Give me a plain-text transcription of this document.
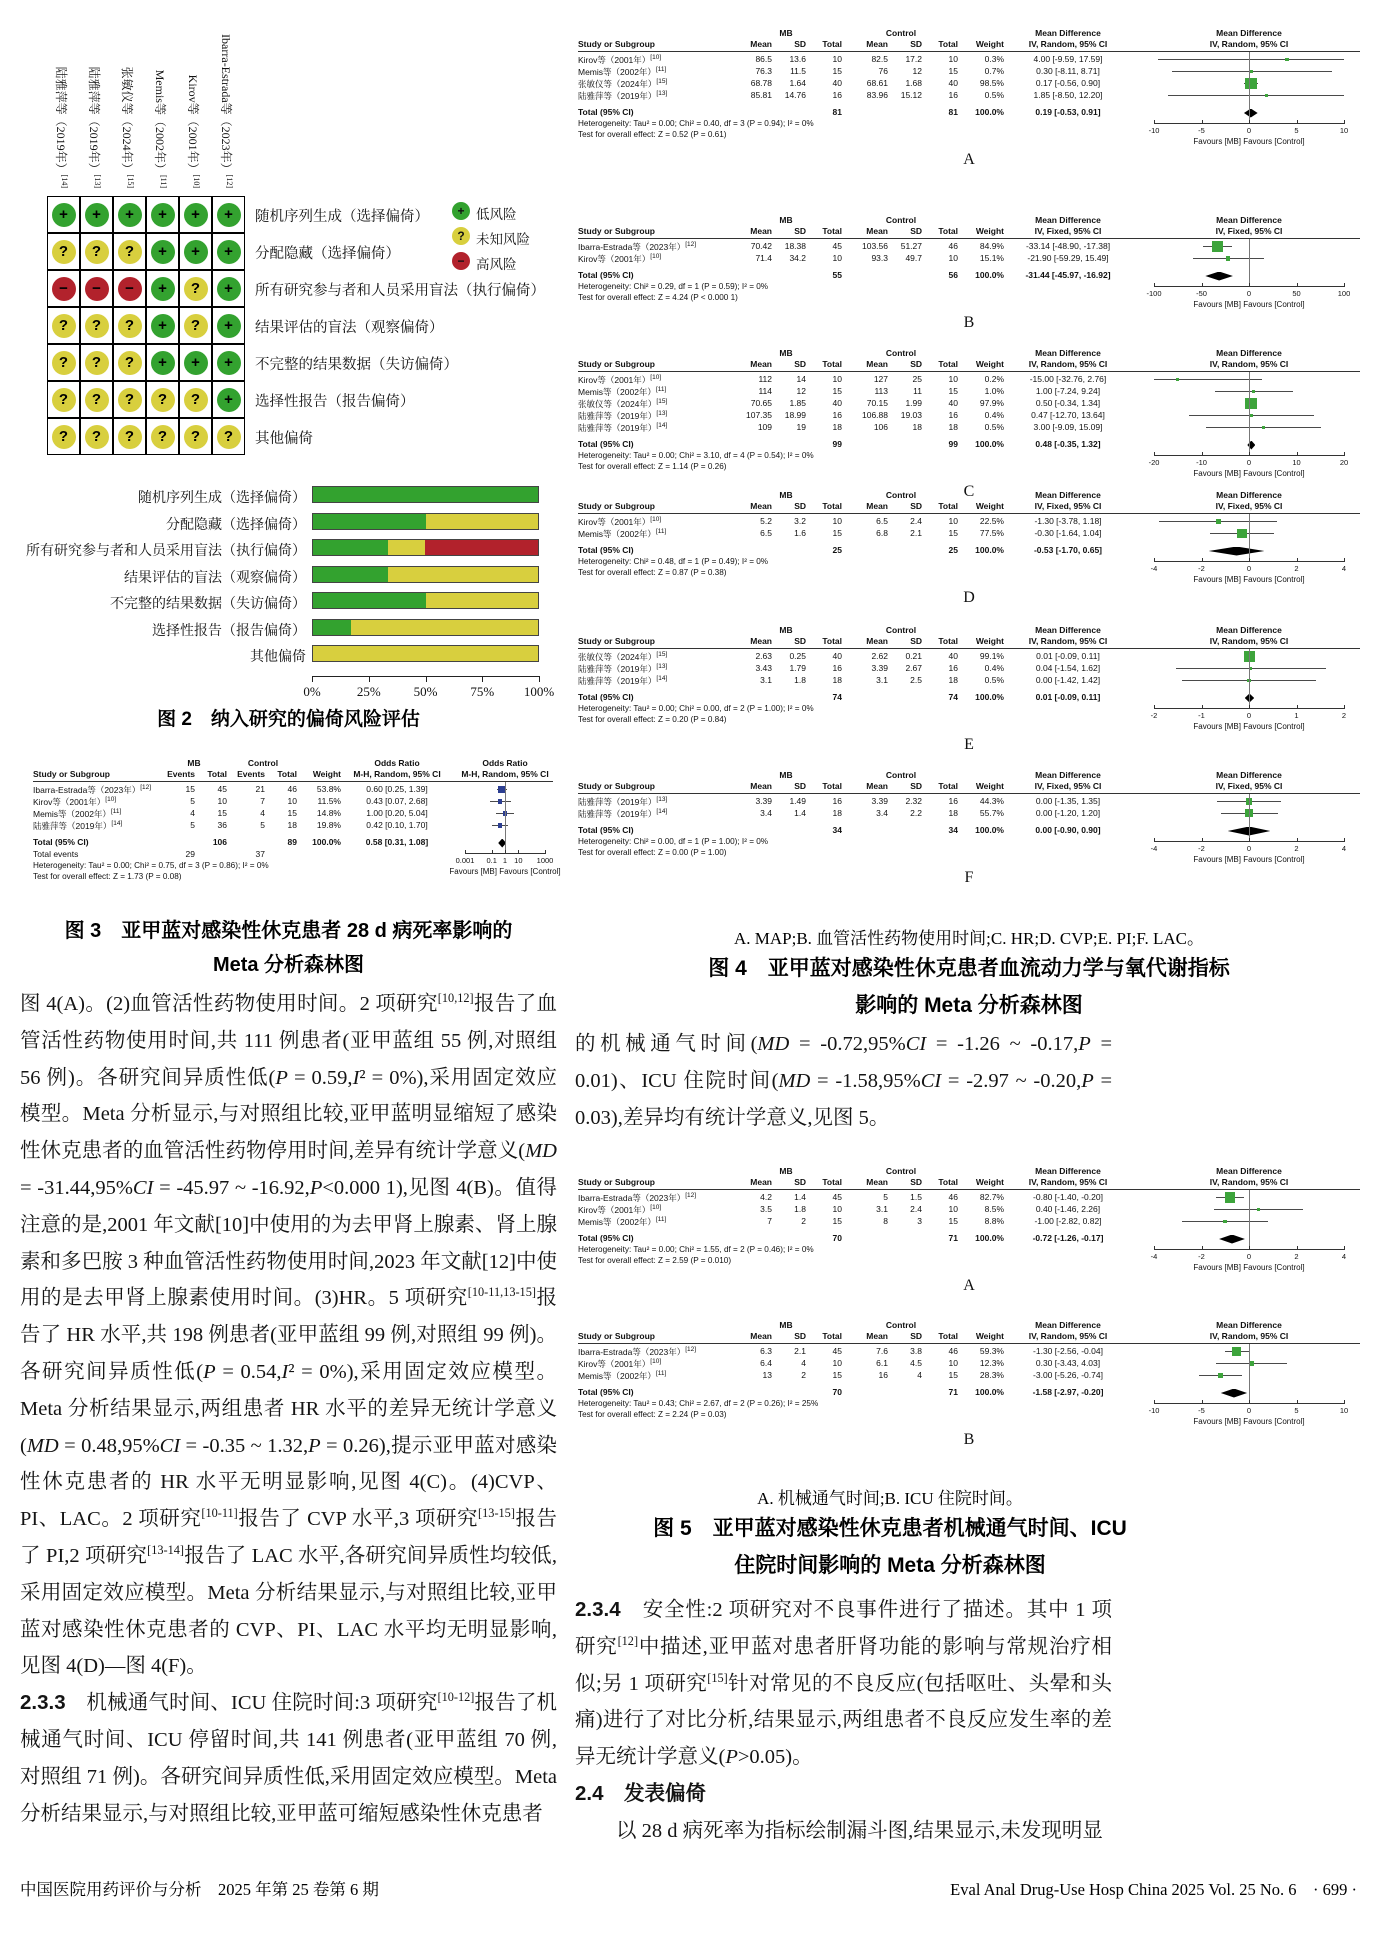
图 2　纳入研究的偏倚风险评估
图 3　亚甲蓝对感染性休克患者 28 d 病死率影响的
Meta 分析森林图

图 4(A)。(2)血管活性药物使用时间。2 项研究[10,12]报告了血管活性药物使用时间,共 111 例患者(亚甲蓝组 55 例,对照组 56 例)。各研究间异质性低(P = 0.59,I² = 0%),采用固定效应模型。Meta 分析显示,与对照组比较,亚甲蓝明显缩短了感染性休克患者的血管活性药物停用时间,差异有统计学意义(MD = -31.44,95%CI = -45.97 ~ -16.92,P<0.000 1),见图 4(B)。值得注意的是,2001 年文献[10]中使用的为去甲肾上腺素、肾上腺素和多巴胺 3 种血管活性药物使用时间,2023 年文献[12]中使用的是去甲肾上腺素使用时间。(3)HR。5 项研究[10-11,13-15]报告了 HR 水平,共 198 例患者(亚甲蓝组 99 例,对照组 99 例)。各研究间异质性低(P = 0.54,I² = 0%),采用固定效应模型。Meta 分析结果显示,两组患者 HR 水平的差异无统计学意义(MD = 0.48,95%CI = -0.35 ~ 1.32,P = 0.26),提示亚甲蓝对感染性休克患者的 HR 水平无明显影响,见图 4(C)。(4)CVP、PI、LAC。2 项研究[10-11]报告了 CVP 水平,3 项研究[13-15]报告了 PI,2 项研究[13-14]报告了 LAC 水平,各研究间异质性均较低,采用固定效应模型。Meta 分析结果显示,与对照组比较,亚甲蓝对感染性休克患者的 CVP、PI、LAC 水平均无明显影响,见图 4(D)—图 4(F)。

2.3.3　机械通气时间、ICU 住院时间:3 项研究[10-12]报告了机械通气时间、ICU 停留时间,共 141 例患者(亚甲蓝组 70 例,对照组 71 例)。各研究间异质性低,采用固定效应模型。Meta 分析结果显示,与对照组比较,亚甲蓝可缩短感染性休克患者

A. MAP;B. 血管活性药物使用时间;C. HR;D. CVP;E. PI;F. LAC。
图 4　亚甲蓝对感染性休克患者血流动力学与氧代谢指标
影响的 Meta 分析森林图

的机械通气时间(MD = -0.72,95%CI = -1.26 ~ -0.17,P = 0.01)、ICU 住院时间(MD = -1.58,95%CI = -2.97 ~ -0.20,P = 0.03),差异均有统计学意义,见图 5。

A. 机械通气时间;B. ICU 住院时间。
图 5　亚甲蓝对感染性休克患者机械通气时间、ICU
住院时间影响的 Meta 分析森林图

2.3.4　安全性:2 项研究对不良事件进行了描述。其中 1 项研究[12]中描述,亚甲蓝对患者肝肾功能的影响与常规治疗相似;另 1 项研究[15]针对常见的不良反应(包括呕吐、头晕和头痛)进行了对比分析,结果显示,两组患者不良反应发生率的差异无统计学意义(P>0.05)。

2.4　发表偏倚

以 28 d 病死率为指标绘制漏斗图,结果显示,未发现明显

中国医院用药评价与分析　2025 年第 25 卷第 6 期	Eval Anal Drug-Use Hosp China 2025 Vol. 25 No. 6　· 699 ·
陆雅萍等（2019年）[14]
陆雅萍等（2019年）[13]
张敏仪等（2024年）[15]
Memis等（2002年）[11]
Kirov等（2001年）[10]
Ibarra-Estrada等（2023年）[12]
+	+	+	+	+	+	随机序列生成（选择偏倚）
?	?	?	+	+	+	分配隐藏（选择偏倚）
−	−	−	+	?	+	所有研究参与者和人员采用盲法（执行偏倚）
?	?	?	+	?	+	结果评估的盲法（观察偏倚）
?	?	?	+	+	+	不完整的结果数据（失访偏倚）
?	?	?	?	?	+	选择性报告（报告偏倚）
?	?	?	?	?	?	其他偏倚
+ 低风险
? 未知风险
− 高风险
随机序列生成（选择偏倚）
分配隐藏（选择偏倚）
所有研究参与者和人员采用盲法（执行偏倚）
结果评估的盲法（观察偏倚）
不完整的结果数据（失访偏倚）
选择性报告（报告偏倚）
其他偏倚
0%	25%	50%	75%	100%
MB	Control	Odds Ratio	Odds Ratio
Study or Subgroup	Events	Total	Events	Total	Weight	M-H, Random, 95% CI	M-H, Random, 95% CI
Ibarra-Estrada等（2023年）[12]	15	45	21	46	53.8%	0.60 [0.25, 1.39]
Kirov等（2001年）[10]	5	10	7	10	11.5%	0.43 [0.07, 2.68]
Memis等（2002年）[11]	4	15	4	15	14.8%	1.00 [0.20, 5.04]
陆雅萍等（2019年）[14]	5	36	5	18	19.8%	0.42 [0.10, 1.70]
Total (95% CI)	106	89	100.0%	0.58 [0.31, 1.08]
Total events	29	37
Heterogeneity: Tau² = 0.00; Chi² = 0.75, df = 3 (P = 0.86); I² = 0%
Test for overall effect: Z = 1.73 (P = 0.08)
0.001	0.1 1 10	1000
Favours [MB] Favours [Control]
MB	Control	Mean Difference	Mean Difference
Study or Subgroup	Mean	SD	Total	Mean	SD	Total	Weight	IV, Random, 95% CI	IV, Random, 95% CI
Kirov等（2001年）[10]	86.5	13.6	10	82.5	17.2	10	0.3%	4.00 [-9.59, 17.59]
Memis等（2002年）[11]	76.3	11.5	15	76	12	15	0.7%	0.30 [-8.11, 8.71]
张敏仪等（2024年）[15]	68.78	1.64	40	68.61	1.68	40	98.5%	0.17 [-0.56, 0.90]
陆雅萍等（2019年）[13]	85.81	14.76	16	83.96	15.12	16	0.5%	1.85 [-8.50, 12.20]
Total (95% CI)	81	81	100.0%	0.19 [-0.53, 0.91]
Heterogeneity: Tau² = 0.00; Chi² = 0.40, df = 3 (P = 0.94); I² = 0%
Test for overall effect: Z = 0.52 (P = 0.61)	-10	-5	0	5	10
Favours [MB] Favours [Control]
A
MB	Control	Mean Difference	Mean Difference
Study or Subgroup	Mean	SD	Total	Mean	SD	Total	Weight	IV, Fixed, 95% CI	IV, Fixed, 95% CI
Ibarra-Estrada等（2023年）[12]	70.42	18.38	45	103.56	51.27	46	84.9%	-33.14 [-48.90, -17.38]
Kirov等（2001年）[10]	71.4	34.2	10	93.3	49.7	10	15.1%	-21.90 [-59.29, 15.49]
Total (95% CI)	55	56	100.0%	-31.44 [-45.97, -16.92]
Heterogeneity: Chi² = 0.29, df = 1 (P = 0.59); I² = 0%
Test for overall effect: Z = 4.24 (P < 0.000 1)	-100	-50	0	50	100
Favours [MB] Favours [Control]
B
MB	Control	Mean Difference	Mean Difference
Study or Subgroup	Mean	SD	Total	Mean	SD	Total	Weight	IV, Random, 95% CI	IV, Random, 95% CI
Kirov等（2001年）[10]	112	14	10	127	25	10	0.2%	-15.00 [-32.76, 2.76]
Memis等（2002年）[11]	114	12	15	113	11	15	1.0%	1.00 [-7.24, 9.24]
张敏仪等（2024年）[15]	70.65	1.85	40	70.15	1.99	40	97.9%	0.50 [-0.34, 1.34]
陆雅萍等（2019年）[13]	107.35	18.99	16	106.88	19.03	16	0.4%	0.47 [-12.70, 13.64]
陆雅萍等（2019年）[14]	109	19	18	106	18	18	0.5%	3.00 [-9.09, 15.09]
Total (95% CI)	99	99	100.0%	0.48 [-0.35, 1.32]
Heterogeneity: Tau² = 0.00; Chi² = 3.10, df = 4 (P = 0.54); I² = 0%
Test for overall effect: Z = 1.14 (P = 0.26)	-20	-10	0	10	20
Favours [MB] Favours [Control]
C
MB	Control	Mean Difference	Mean Difference
Study or Subgroup	Mean	SD	Total	Mean	SD	Total	Weight	IV, Fixed, 95% CI	IV, Fixed, 95% CI
Kirov等（2001年）[10]	5.2	3.2	10	6.5	2.4	10	22.5%	-1.30 [-3.78, 1.18]
Memis等（2002年）[11]	6.5	1.6	15	6.8	2.1	15	77.5%	-0.30 [-1.64, 1.04]
Total (95% CI)	25	25	100.0%	-0.53 [-1.70, 0.65]
Heterogeneity: Chi² = 0.48, df = 1 (P = 0.49); I² = 0%
Test for overall effect: Z = 0.87 (P = 0.38)	-4	-2	0	2	4
Favours [MB] Favours [Control]
D
MB	Control	Mean Difference	Mean Difference
Study or Subgroup	Mean	SD	Total	Mean	SD	Total	Weight	IV, Random, 95% CI	IV, Random, 95% CI
张敏仪等（2024年）[15]	2.63	0.25	40	2.62	0.21	40	99.1%	0.01 [-0.09, 0.11]
陆雅萍等（2019年）[13]	3.43	1.79	16	3.39	2.67	16	0.4%	0.04 [-1.54, 1.62]
陆雅萍等（2019年）[14]	3.1	1.8	18	3.1	2.5	18	0.5%	0.00 [-1.42, 1.42]
Total (95% CI)	74	74	100.0%	0.01 [-0.09, 0.11]
Heterogeneity: Tau² = 0.00; Chi² = 0.00, df = 2 (P = 1.00); I² = 0%
Test for overall effect: Z = 0.20 (P = 0.84)	-2	-1	0	1	2
Favours [MB] Favours [Control]
E
MB	Control	Mean Difference	Mean Difference
Study or Subgroup	Mean	SD	Total	Mean	SD	Total	Weight	IV, Fixed, 95% CI	IV, Fixed, 95% CI
陆雅萍等（2019年）[13]	3.39	1.49	16	3.39	2.32	16	44.3%	0.00 [-1.35, 1.35]
陆雅萍等（2019年）[14]	3.4	1.4	18	3.4	2.2	18	55.7%	0.00 [-1.20, 1.20]
Total (95% CI)	34	34	100.0%	0.00 [-0.90, 0.90]
Heterogeneity: Chi² = 0.00, df = 1 (P = 1.00); I² = 0%
Test for overall effect: Z = 0.00 (P = 1.00)	-4	-2	0	2	4
Favours [MB] Favours [Control]
F
MB	Control	Mean Difference	Mean Difference
Study or Subgroup	Mean	SD	Total	Mean	SD	Total	Weight	IV, Random, 95% CI	IV, Random, 95% CI
Ibarra-Estrada等（2023年）[12]	4.2	1.4	45	5	1.5	46	82.7%	-0.80 [-1.40, -0.20]
Kirov等（2001年）[10]	3.5	1.8	10	3.1	2.4	10	8.5%	0.40 [-1.46, 2.26]
Memis等（2002年）[11]	7	2	15	8	3	15	8.8%	-1.00 [-2.82, 0.82]
Total (95% CI)	70	71	100.0%	-0.72 [-1.26, -0.17]
Heterogeneity: Tau² = 0.00; Chi² = 1.55, df = 2 (P = 0.46); I² = 0%
Test for overall effect: Z = 2.59 (P = 0.010)	-4	-2	0	2	4
Favours [MB] Favours [Control]
A
MB	Control	Mean Difference	Mean Difference
Study or Subgroup	Mean	SD	Total	Mean	SD	Total	Weight	IV, Random, 95% CI	IV, Random, 95% CI
Ibarra-Estrada等（2023年）[12]	6.3	2.1	45	7.6	3.8	46	59.3%	-1.30 [-2.56, -0.04]
Kirov等（2001年）[10]	6.4	4	10	6.1	4.5	10	12.3%	0.30 [-3.43, 4.03]
Memis等（2002年）[11]	13	2	15	16	4	15	28.3%	-3.00 [-5.26, -0.74]
Total (95% CI)	70	71	100.0%	-1.58 [-2.97, -0.20]
Heterogeneity: Tau² = 0.43; Chi² = 2.67, df = 2 (P = 0.26); I² = 25%
Test for overall effect: Z = 2.24 (P = 0.03)	-10	-5	0	5	10
Favours [MB] Favours [Control]
B
